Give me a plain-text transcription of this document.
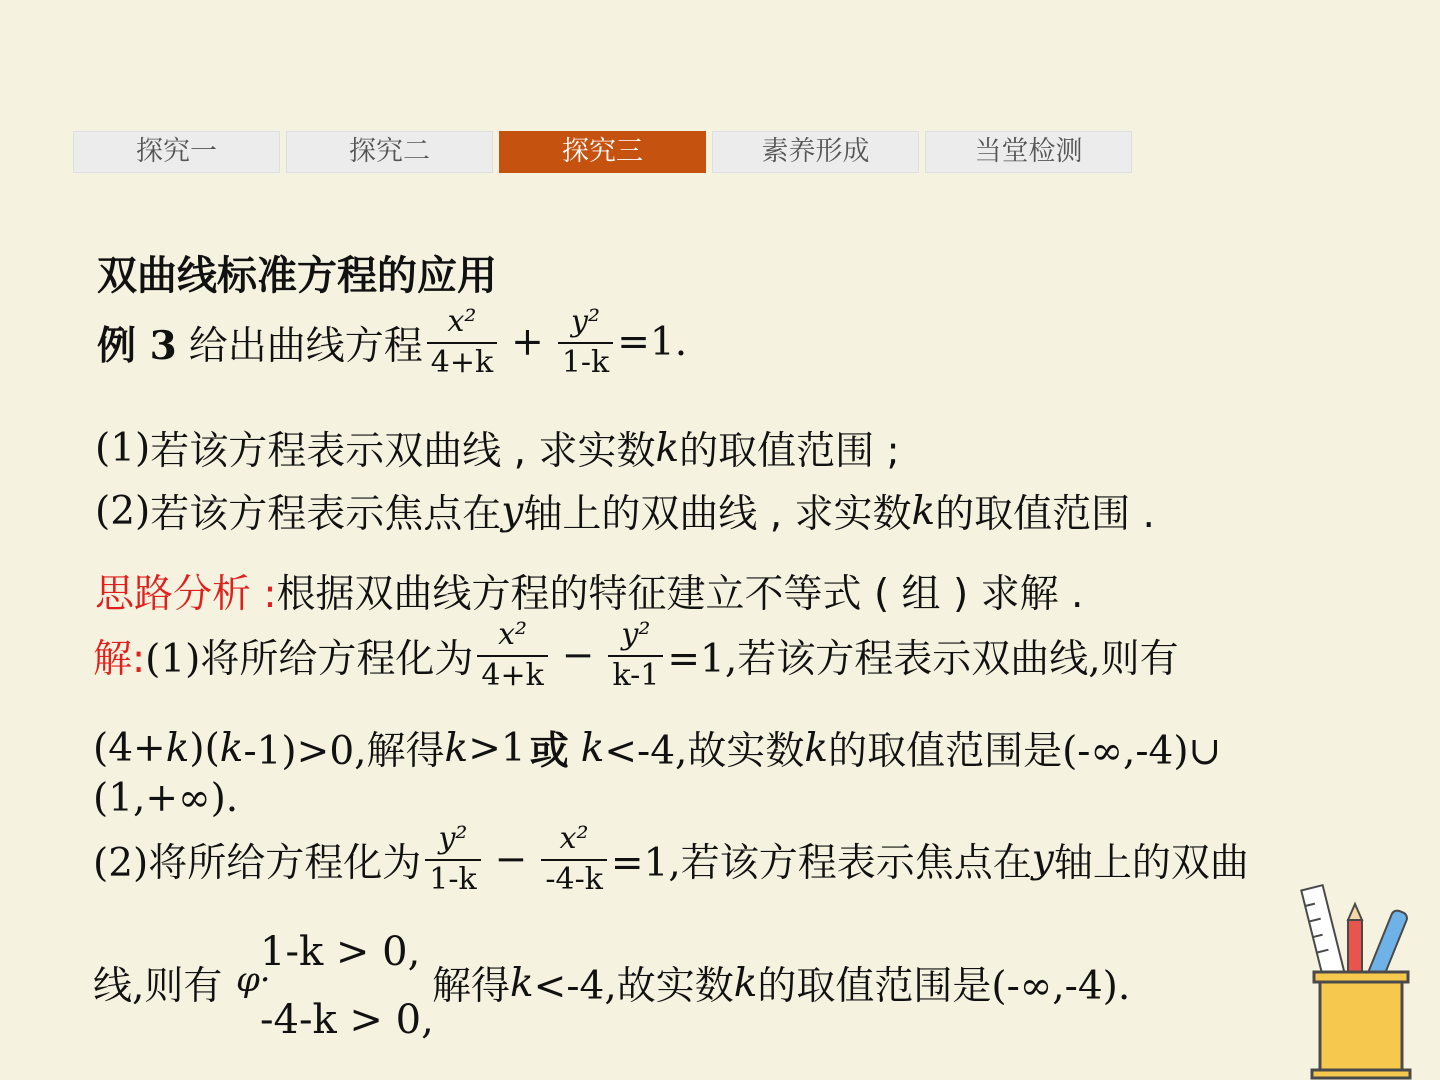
探究一	探究二	探究三	素养形成	当堂检测
双曲线标准方程的应用
例 3 给出曲线方程 $\frac{\text{x²}}{4+k} + \frac{\text{y²}}{1-k} =1$.
(1) 若该方程表示双曲线 , 求实数 k 的取值范围 ;
(2) 若该方程表示焦点在 y 轴上的双曲线 , 求实数 k 的取值范围 .
思路分析 : 根据双曲线方程的特征建立不等式 ( 组 ) 求解 .
解: (1)将所给方程化为 $\frac{\text{x²}}{4+k} - \frac{\text{y²}}{k-1} =1$,若该方程表示双曲线,则有
(4+ k )( k -1)>0,解得 k >1 或 k <-4,故实数 k 的取值范围是(-∞,-4)∪
(1,+∞).
(2)将所给方程化为 $\frac{\text{y²}}{1-k} - \frac{\text{x²}}{-4-k} =1$,若该方程表示焦点在 y 轴上的双曲
线,则有 φ·
1-k > 0,
-4-k > 0,
解得 k <-4,故实数 k 的取值范围是(-∞,-4).
